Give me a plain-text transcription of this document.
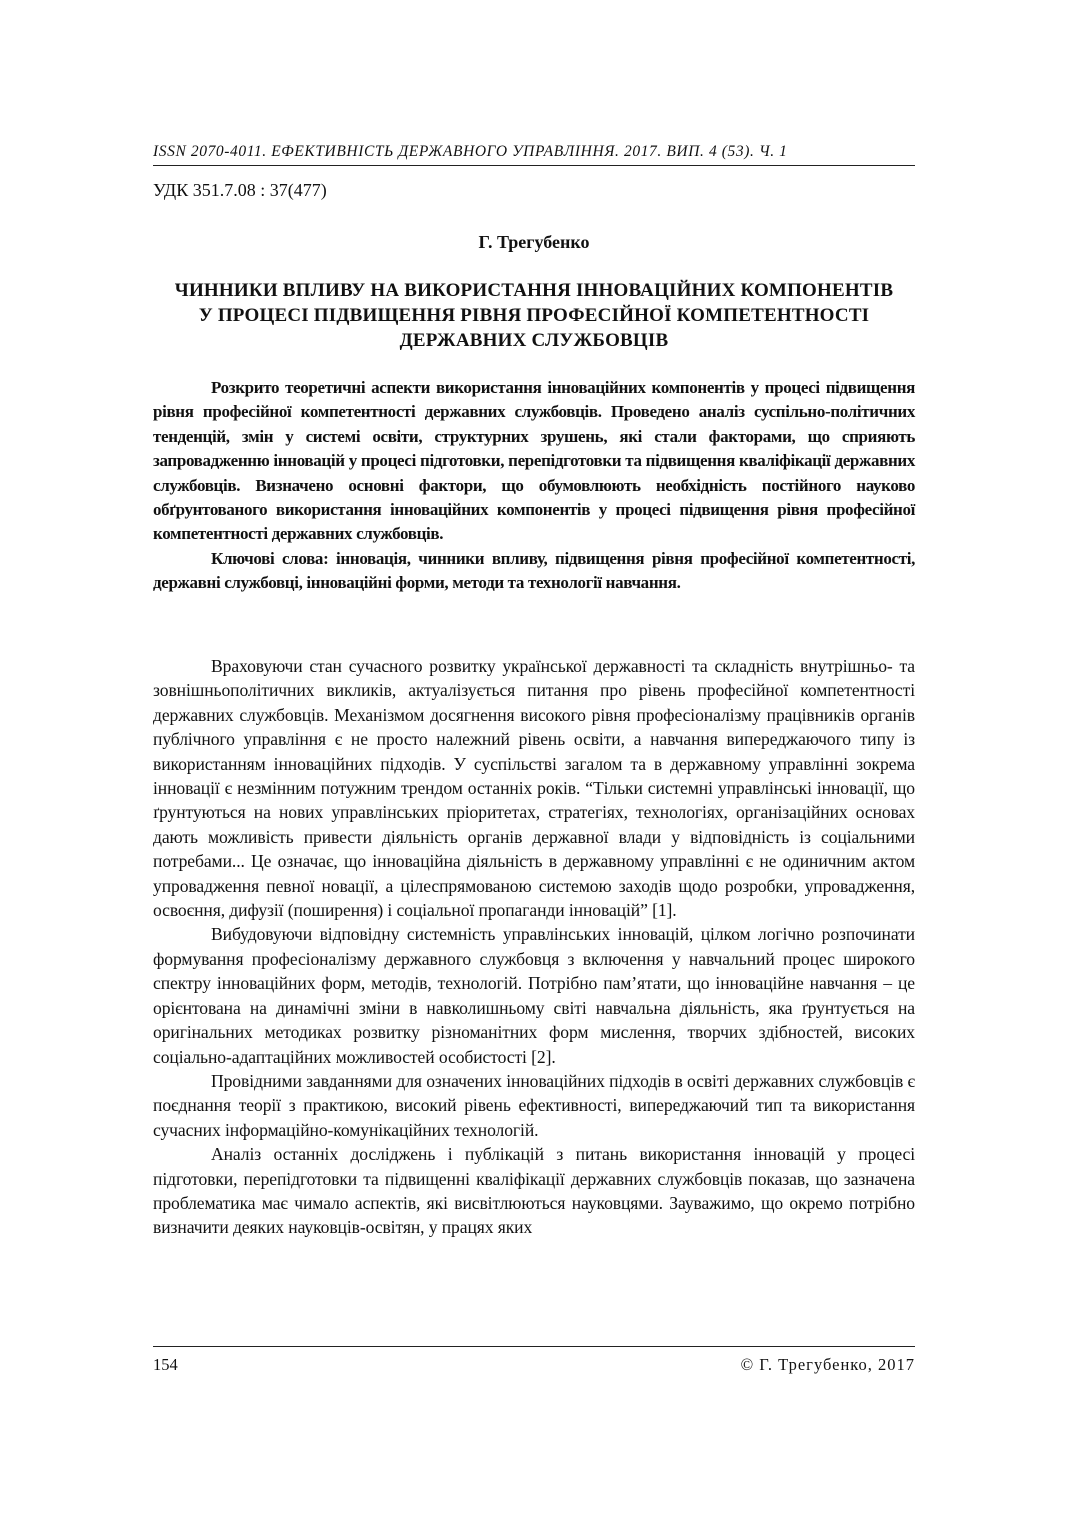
ISSN 2070-4011. ЕФЕКТИВНІСТЬ ДЕРЖАВНОГО УПРАВЛІННЯ. 2017. ВИП. 4 (53). Ч. 1
УДК 351.7.08 : 37(477)
Г. Трегубенко
ЧИННИКИ ВПЛИВУ НА ВИКОРИСТАННЯ ІННОВАЦІЙНИХ КОМПОНЕНТІВ
У ПРОЦЕСІ ПІДВИЩЕННЯ РІВНЯ ПРОФЕСІЙНОЇ КОМПЕТЕНТНОСТІ
ДЕРЖАВНИХ СЛУЖБОВЦІВ

Розкрито теоретичні аспекти використання інноваційних компонентів у процесі підвищення рівня професійної компетентності державних службовців. Проведено аналіз суспільно-політичних тенденцій, змін у системі освіти, структурних зрушень, які стали факторами, що сприяють запровадженню інновацій у процесі підготовки, перепідготовки та підвищення кваліфікації державних службовців. Визначено основні фактори, що обумовлюють необхідність постійного науково обґрунтованого використання інноваційних компонентів у процесі підвищення рівня професійної компетентності державних службовців.

Ключові слова: інновація, чинники впливу, підвищення рівня професійної компетентності, державні службовці, інноваційні форми, методи та технології навчання.

Враховуючи стан сучасного розвитку української державності та складність внутрішньо- та зовнішньополітичних викликів, актуалізується питання про рівень професійної компетентності державних службовців. Механізмом досягнення високого рівня професіоналізму працівників органів публічного управління є не просто належний рівень освіти, а навчання випереджаючого типу із використанням інноваційних підходів. У суспільстві загалом та в державному управлінні зокрема інновації є незмінним потужним трендом останніх років. “Тільки системні управлінські інновації, що ґрунтуються на нових управлінських пріоритетах, стратегіях, технологіях, організаційних основах дають можливість привести діяльність органів державної влади у відповідність із соціальними потребами... Це означає, що інноваційна діяльність в державному управлінні є не одиничним актом упровадження певної новації, а цілеспрямованою системою заходів щодо розробки, упровадження, освоєння, дифузії (поширення) і соціальної пропаганди інновацій” [1].

Вибудовуючи відповідну системність управлінських інновацій, цілком логічно розпочинати формування професіоналізму державного службовця з включення у навчальний процес широкого спектру інноваційних форм, методів, технологій. Потрібно пам’ятати, що інноваційне навчання – це орієнтована на динамічні зміни в навколишньому світі навчальна діяльність, яка ґрунтується на оригінальних методиках розвитку різноманітних форм мислення, творчих здібностей, високих соціально-адаптаційних можливостей особистості [2].

Провідними завданнями для означених інноваційних підходів в освіті державних службовців є поєднання теорії з практикою, високий рівень ефективності, випереджаючий тип та використання сучасних інформаційно-комунікаційних технологій.

Аналіз останніх досліджень і публікацій з питань використання інновацій у процесі підготовки, перепідготовки та підвищенні кваліфікації державних службовців показав, що зазначена проблематика має чимало аспектів, які висвітлюються науковцями. Зауважимо, що окремо потрібно визначити деяких науковців-освітян, у працях яких

154	© Г. Трегубенко, 2017
